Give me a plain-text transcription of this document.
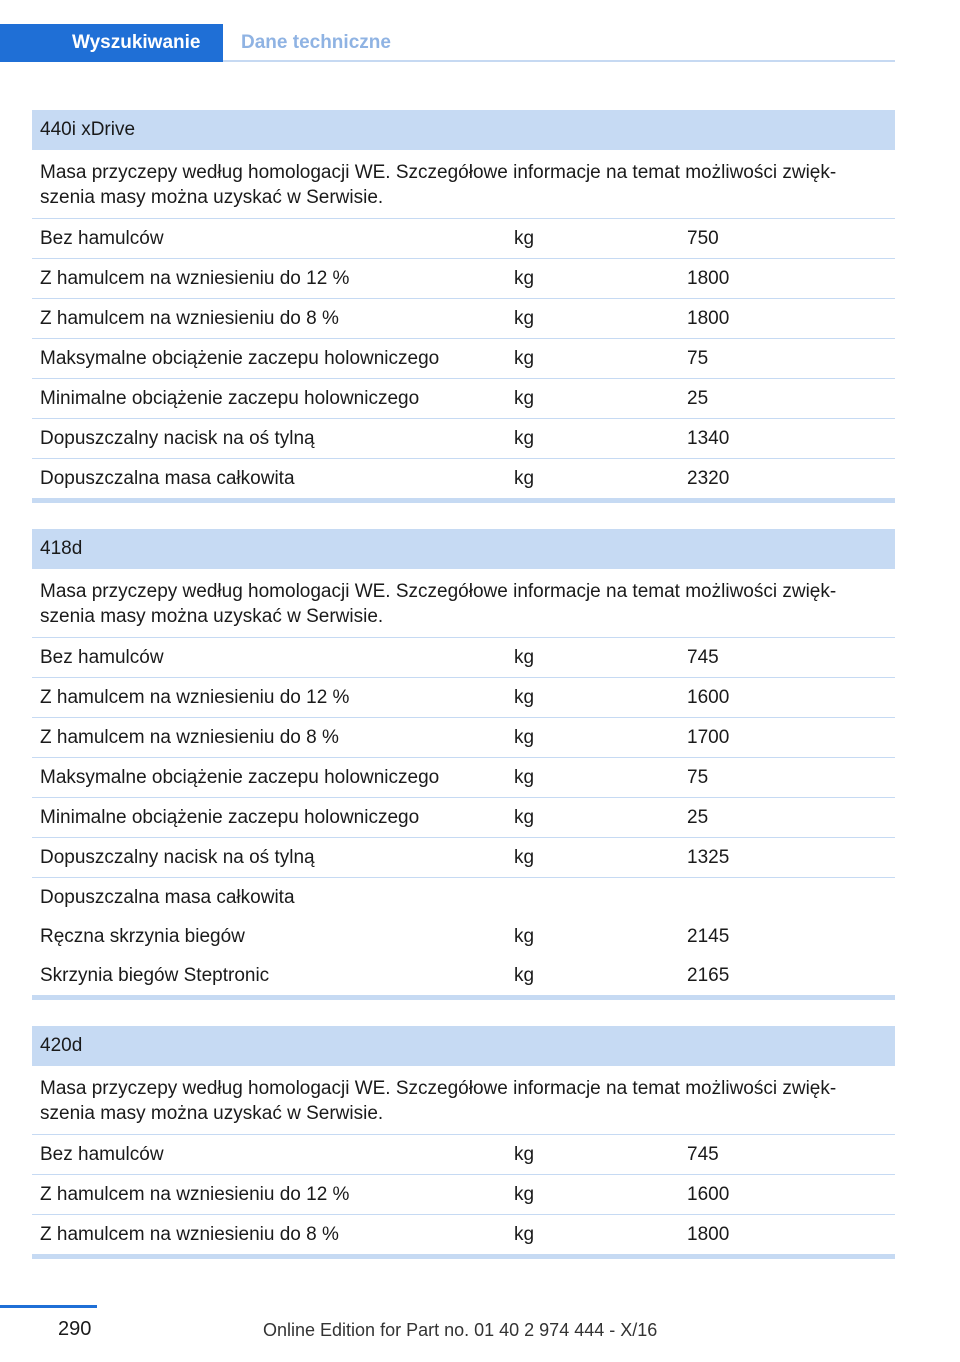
Wyszukiwanie	Dane techniczne
440i xDrive
Masa przyczepy według homologacji WE. Szczegółowe informacje na temat możliwości zwięk- szenia masy można uzyskać w Serwisie.
Bez hamulców	kg	750
Z hamulcem na wzniesieniu do 12 %	kg	1800
Z hamulcem na wzniesieniu do 8 %	kg	1800
Maksymalne obciążenie zaczepu holowniczego	kg	75
Minimalne obciążenie zaczepu holowniczego	kg	25
Dopuszczalny nacisk na oś tylną	kg	1340
Dopuszczalna masa całkowita	kg	2320
418d
Masa przyczepy według homologacji WE. Szczegółowe informacje na temat możliwości zwięk- szenia masy można uzyskać w Serwisie.
Bez hamulców	kg	745
Z hamulcem na wzniesieniu do 12 %	kg	1600
Z hamulcem na wzniesieniu do 8 %	kg	1700
Maksymalne obciążenie zaczepu holowniczego	kg	75
Minimalne obciążenie zaczepu holowniczego	kg	25
Dopuszczalny nacisk na oś tylną	kg	1325
Dopuszczalna masa całkowita
Ręczna skrzynia biegów	kg	2145
Skrzynia biegów Steptronic	kg	2165
420d
Masa przyczepy według homologacji WE. Szczegółowe informacje na temat możliwości zwięk- szenia masy można uzyskać w Serwisie.
Bez hamulców	kg	745
Z hamulcem na wzniesieniu do 12 %	kg	1600
Z hamulcem na wzniesieniu do 8 %	kg	1800
290	Online Edition for Part no. 01 40 2 974 444 - X/16
